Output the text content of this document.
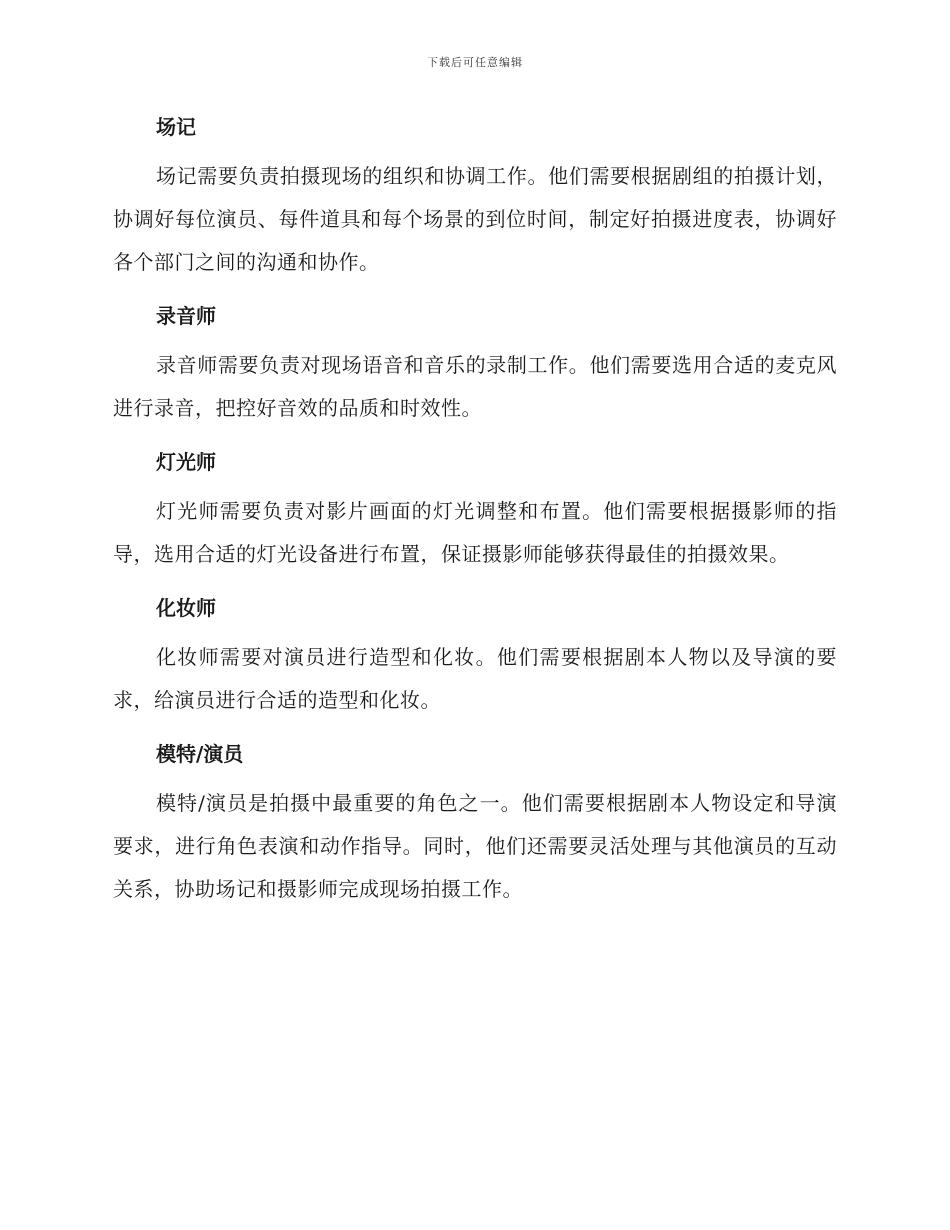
下载后可任意编辑
场记

场记需要负责拍摄现场的组织和协调工作。他们需要根据剧组的拍摄计划，协调好每位演员、每件道具和每个场景的到位时间，制定好拍摄进度表，协调好各个部门之间的沟通和协作。

录音师

录音师需要负责对现场语音和音乐的录制工作。他们需要选用合适的麦克风进行录音，把控好音效的品质和时效性。

灯光师

灯光师需要负责对影片画面的灯光调整和布置。他们需要根据摄影师的指导，选用合适的灯光设备进行布置，保证摄影师能够获得最佳的拍摄效果。

化妆师

化妆师需要对演员进行造型和化妆。他们需要根据剧本人物以及导演的要求，给演员进行合适的造型和化妆。

模特/演员

模特/演员是拍摄中最重要的角色之一。他们需要根据剧本人物设定和导演要求，进行角色表演和动作指导。同时，他们还需要灵活处理与其他演员的互动关系，协助场记和摄影师完成现场拍摄工作。
